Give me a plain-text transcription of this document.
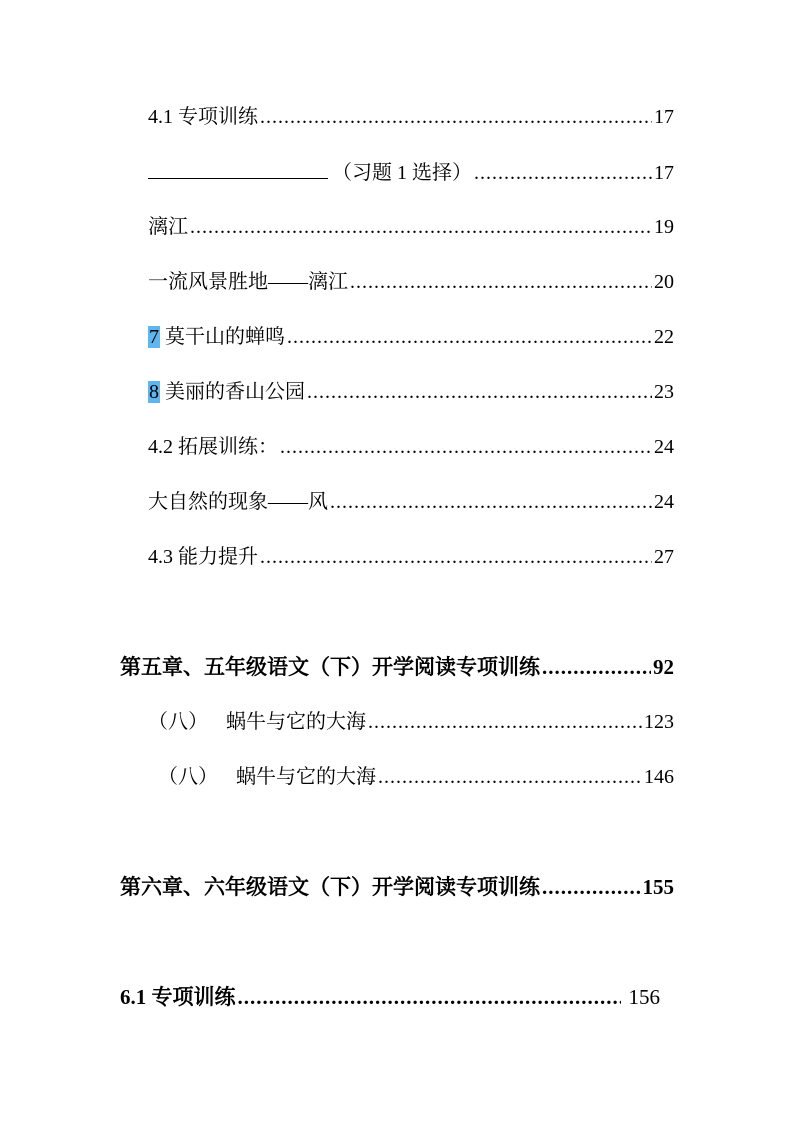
4.1 专项训练 .....	17
（习题 1 选择） .....	17
漓江 .....	19
一流风景胜地——漓江 .....	20
7 莫干山的蝉鸣 .....	22
8 美丽的香山公园 .....	23
4.2 拓展训练： .....	24
大自然的现象——风 .....	24
4.3 能力提升 .....	27
第五章、五年级语文（下）开学阅读专项训练 .....	92
（八） 蜗牛与它的大海 .....	123
（八） 蜗牛与它的大海 .....	146
第六章、六年级语文（下）开学阅读专项训练 .....	155
6.1 专项训练 .....	156
